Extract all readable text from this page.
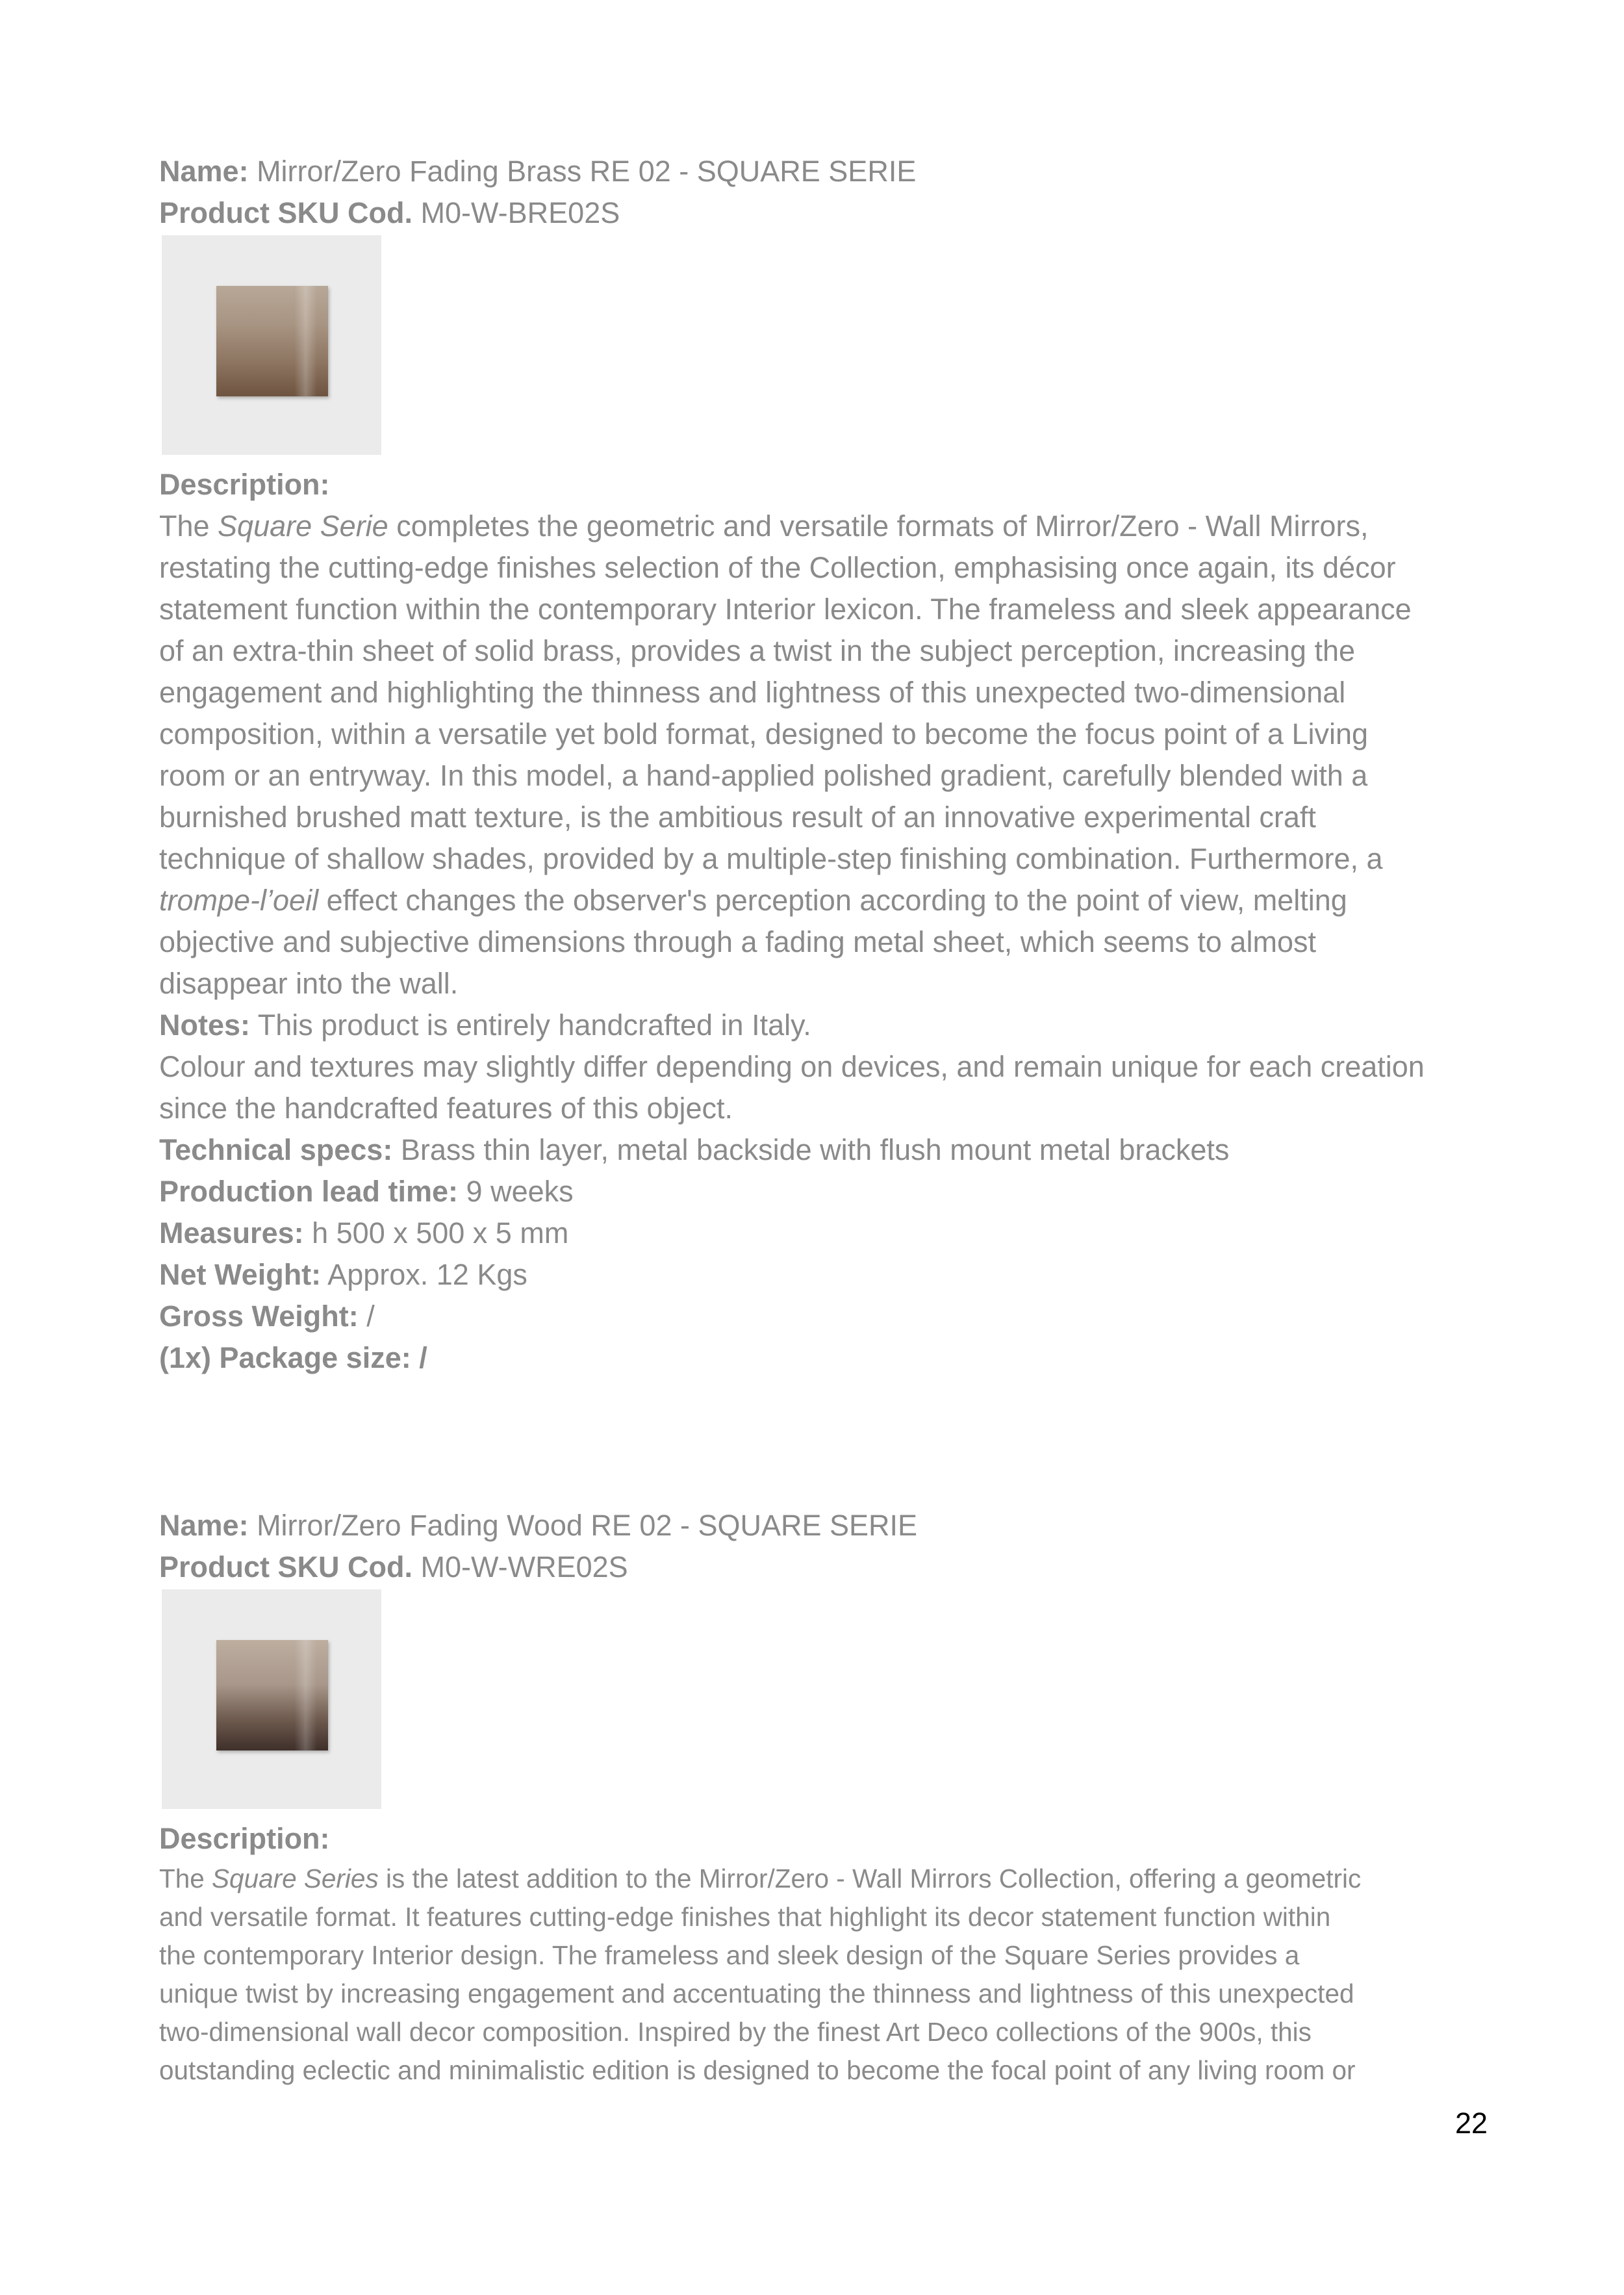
Name: Mirror/Zero Fading Brass RE 02 - SQUARE SERIE

Product SKU Cod. M0-W-BRE02S

Description:

The Square Serie completes the geometric and versatile formats of Mirror/Zero - Wall Mirrors,

restating the cutting-edge finishes selection of the Collection, emphasising once again, its décor

statement function within the contemporary Interior lexicon. The frameless and sleek appearance

of an extra-thin sheet of solid brass, provides a twist in the subject perception, increasing the

engagement and highlighting the thinness and lightness of this unexpected two-dimensional

composition, within a versatile yet bold format, designed to become the focus point of a Living

room or an entryway. In this model, a hand-applied polished gradient, carefully blended with a

burnished brushed matt texture, is the ambitious result of an innovative experimental craft

technique of shallow shades, provided by a multiple-step finishing combination. Furthermore, a

trompe-l’oeil effect changes the observer's perception according to the point of view, melting

objective and subjective dimensions through a fading metal sheet, which seems to almost

disappear into the wall.

Notes: This product is entirely handcrafted in Italy.

Colour and textures may slightly differ depending on devices, and remain unique for each creation

since the handcrafted features of this object.

Technical specs: Brass thin layer, metal backside with flush mount metal brackets

Production lead time: 9 weeks

Measures: h 500 x 500 x 5 mm

Net Weight: Approx. 12 Kgs

Gross Weight: /

(1x) Package size: /

Name: Mirror/Zero Fading Wood RE 02 - SQUARE SERIE

Product SKU Cod. M0-W-WRE02S

Description:

The Square Series is the latest addition to the Mirror/Zero - Wall Mirrors Collection, offering a geometric

and versatile format. It features cutting-edge finishes that highlight its decor statement function within

the contemporary Interior design. The frameless and sleek design of the Square Series provides a

unique twist by increasing engagement and accentuating the thinness and lightness of this unexpected

two-dimensional wall decor composition. Inspired by the finest Art Deco collections of the 900s, this

outstanding eclectic and minimalistic edition is designed to become the focal point of any living room or

22
